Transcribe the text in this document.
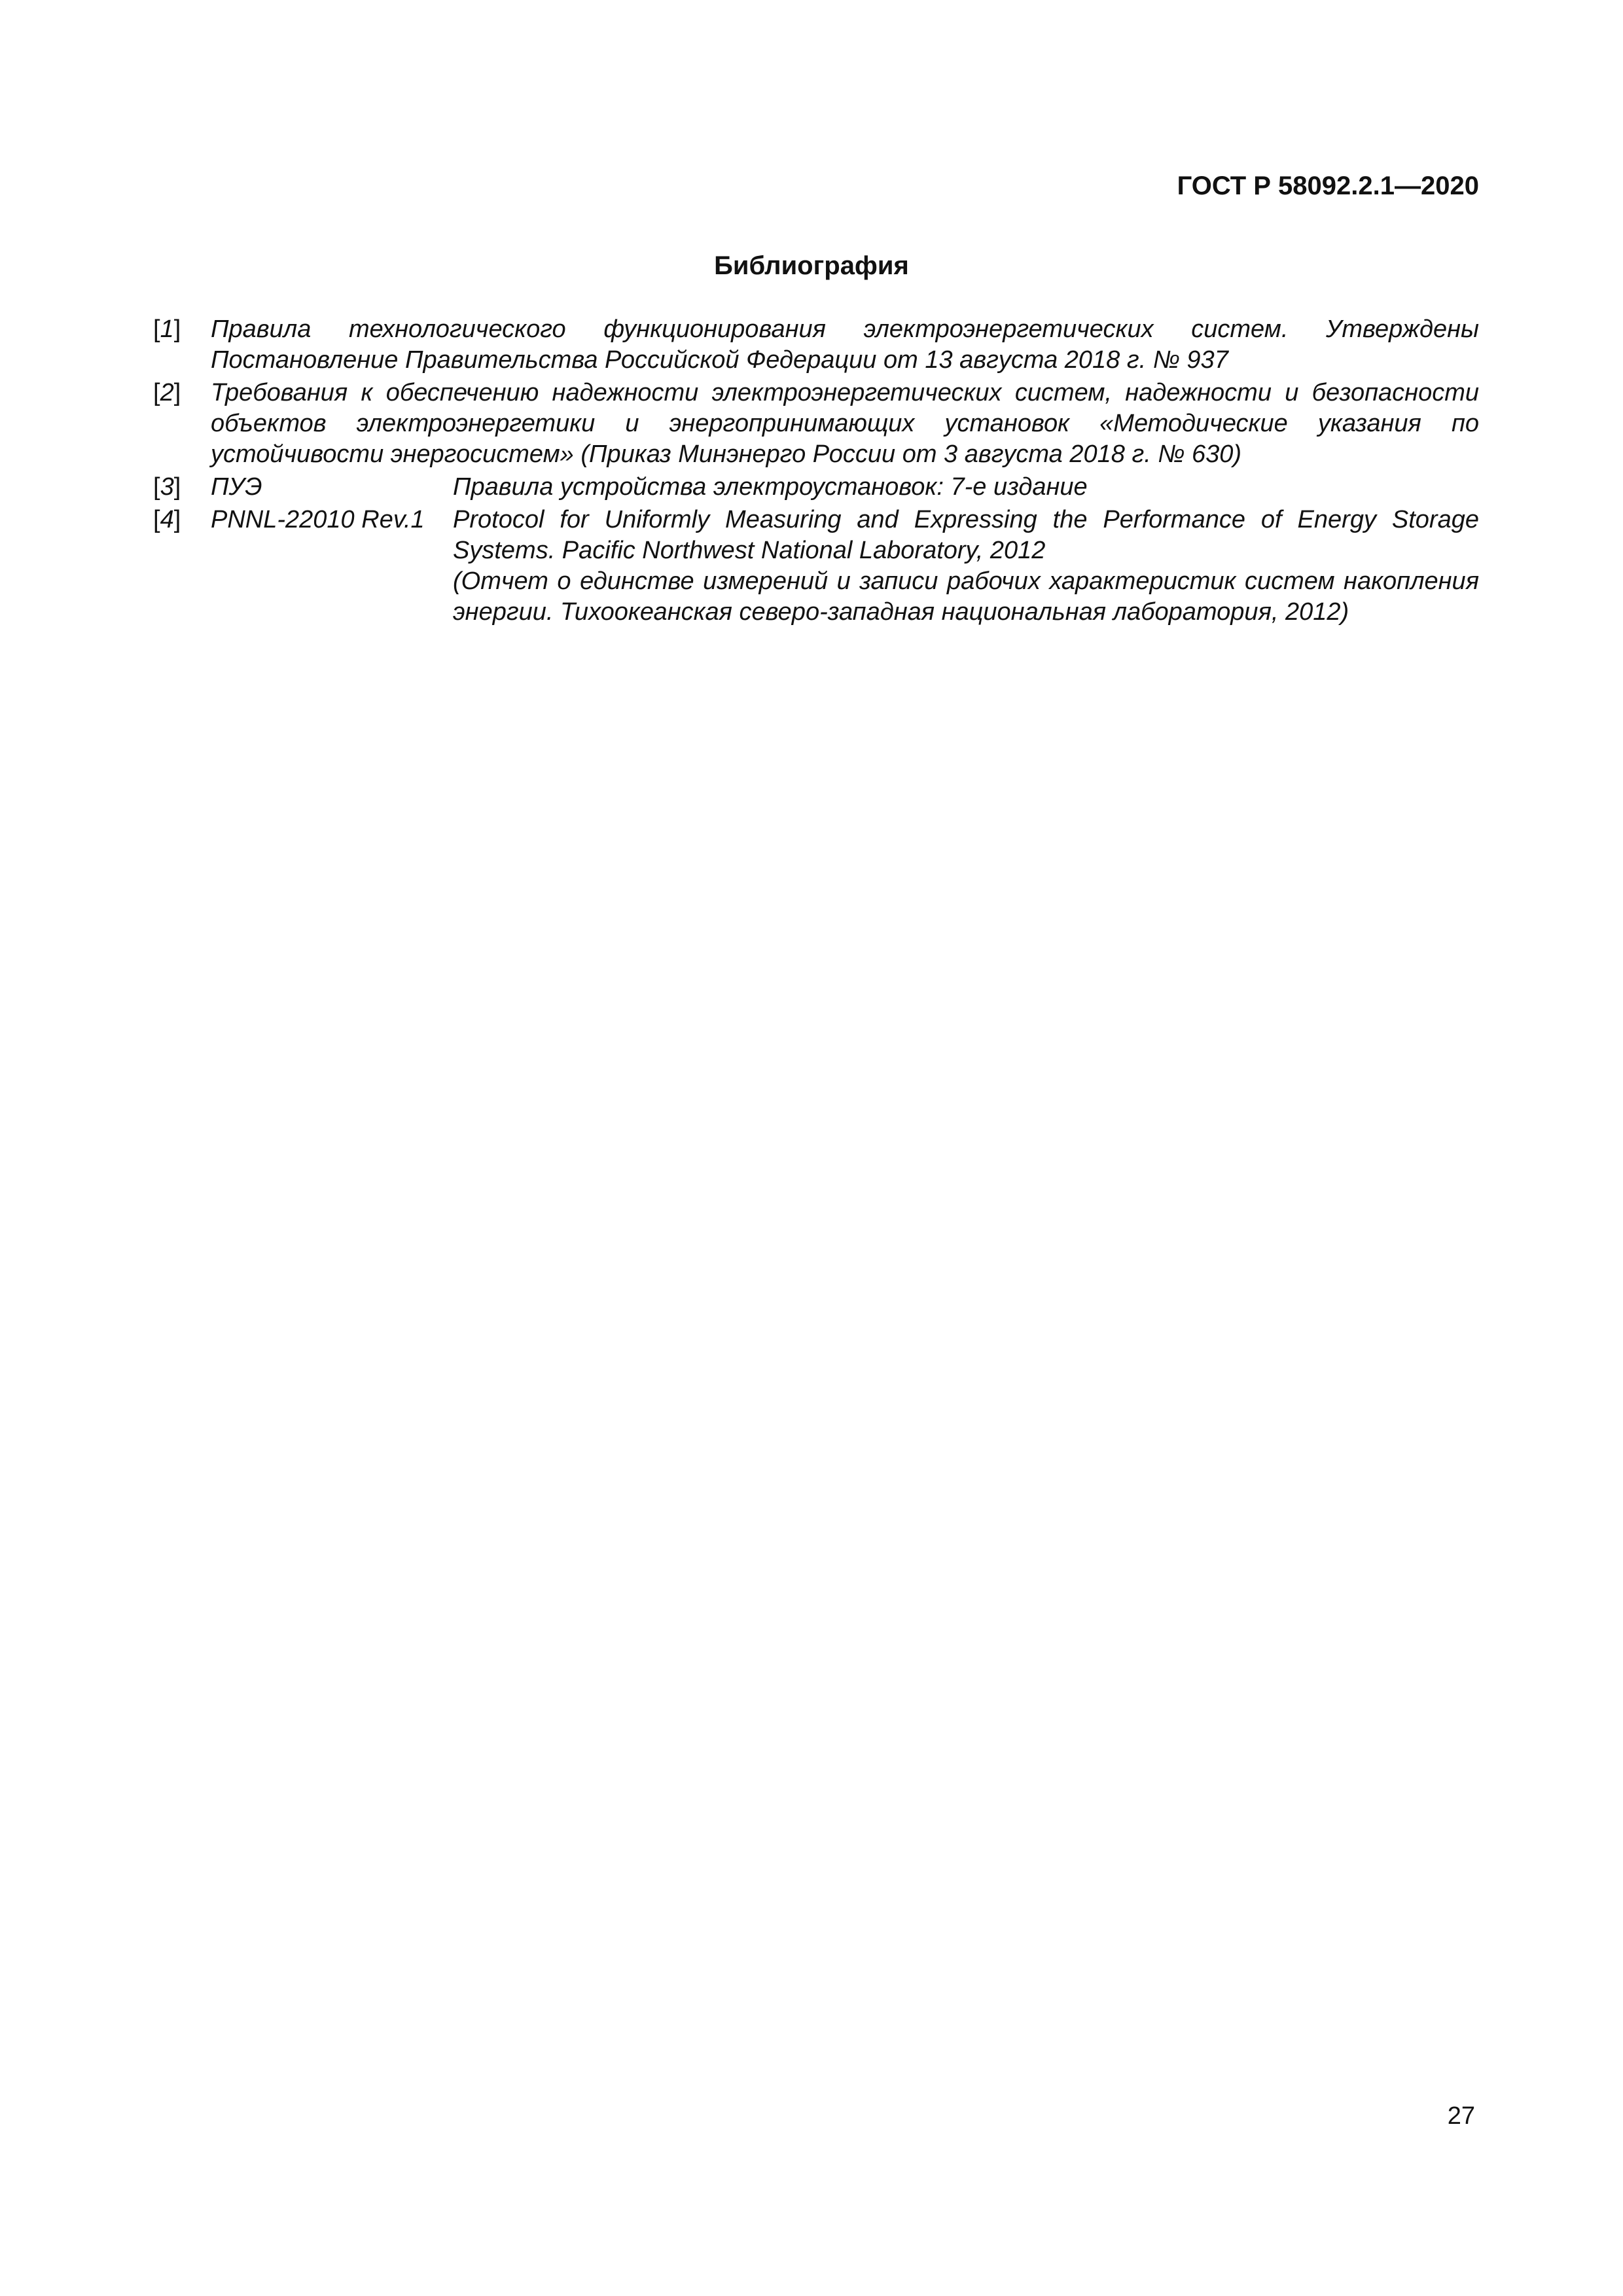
ГОСТ Р 58092.2.1—2020
Библиография
[1]	Правила технологического функционирования электроэнергетических систем. Утверждены Постановление Правительства Российской Федерации от 13 августа 2018 г. № 937
[2]	Требования к обеспечению надежности электроэнергетических систем, надежности и безопасности объектов электроэнергетики и энергопринимающих установок «Методические указания по устойчивости энергосистем» (Приказ Минэнерго России от 3 августа 2018 г. № 630)
[3]	ПУЭ	Правила устройства электроустановок: 7-е издание
[4]	PNNL-22010 Rev.1	Protocol for Uniformly Measuring and Expressing the Performance of Energy Storage Systems. Pacific Northwest National Laboratory, 2012
(Отчет о единстве измерений и записи рабочих характеристик систем накопления энергии. Тихоокеанская северо-западная национальная лаборатория, 2012)
27
